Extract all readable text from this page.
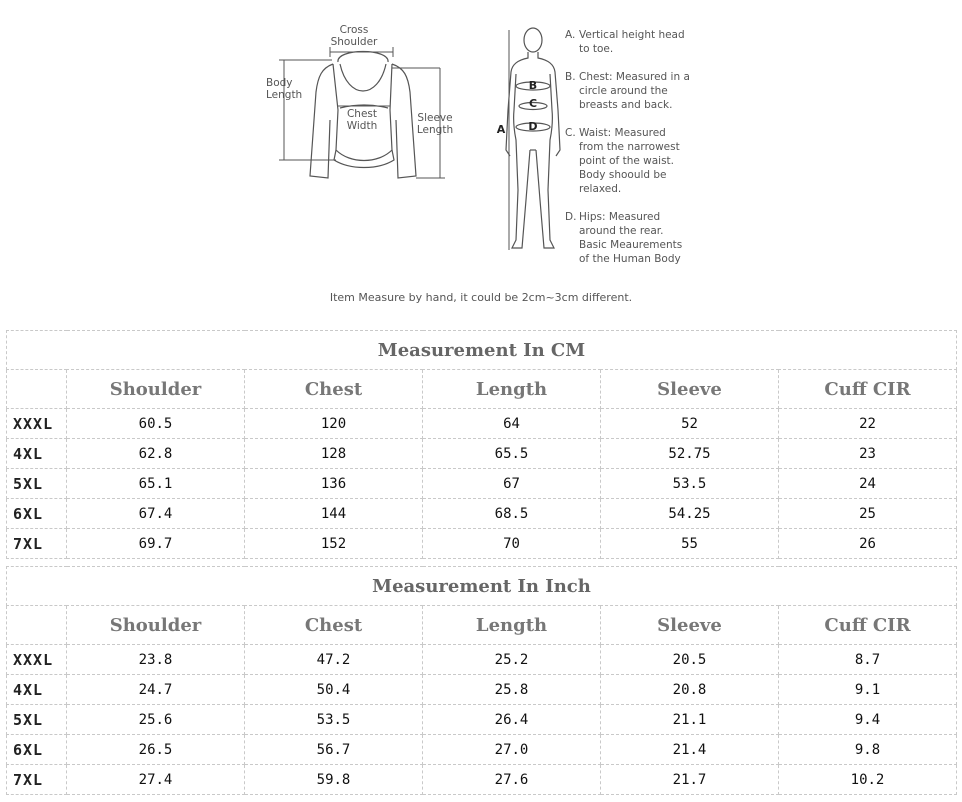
Cross
Shoulder
Body
Length
Chest
Width
Sleeve
Length	A
B
C
D
A. Vertical height head
to toe.
B. Chest: Measured in a
circle around the
breasts and back.
C. Waist: Measured
from the narrowest
point of the waist.
Body shoould be
relaxed.
D. Hips: Measured
around the rear.
Basic Meaurements
of the Human Body
Item Measure by hand, it could be 2cm~3cm different.
Measurement In CM					
	Shoulder	Chest	Length	Sleeve	Cuff CIR
XXXL	60.5	120	64	52	22
4XL	62.8	128	65.5	52.75	23
5XL	65.1	136	67	53.5	24
6XL	67.4	144	68.5	54.25	25
7XL	69.7	152	70	55	26
Measurement In Inch					
	Shoulder	Chest	Length	Sleeve	Cuff CIR
XXXL	23.8	47.2	25.2	20.5	8.7
4XL	24.7	50.4	25.8	20.8	9.1
5XL	25.6	53.5	26.4	21.1	9.4
6XL	26.5	56.7	27.0	21.4	9.8
7XL	27.4	59.8	27.6	21.7	10.2
